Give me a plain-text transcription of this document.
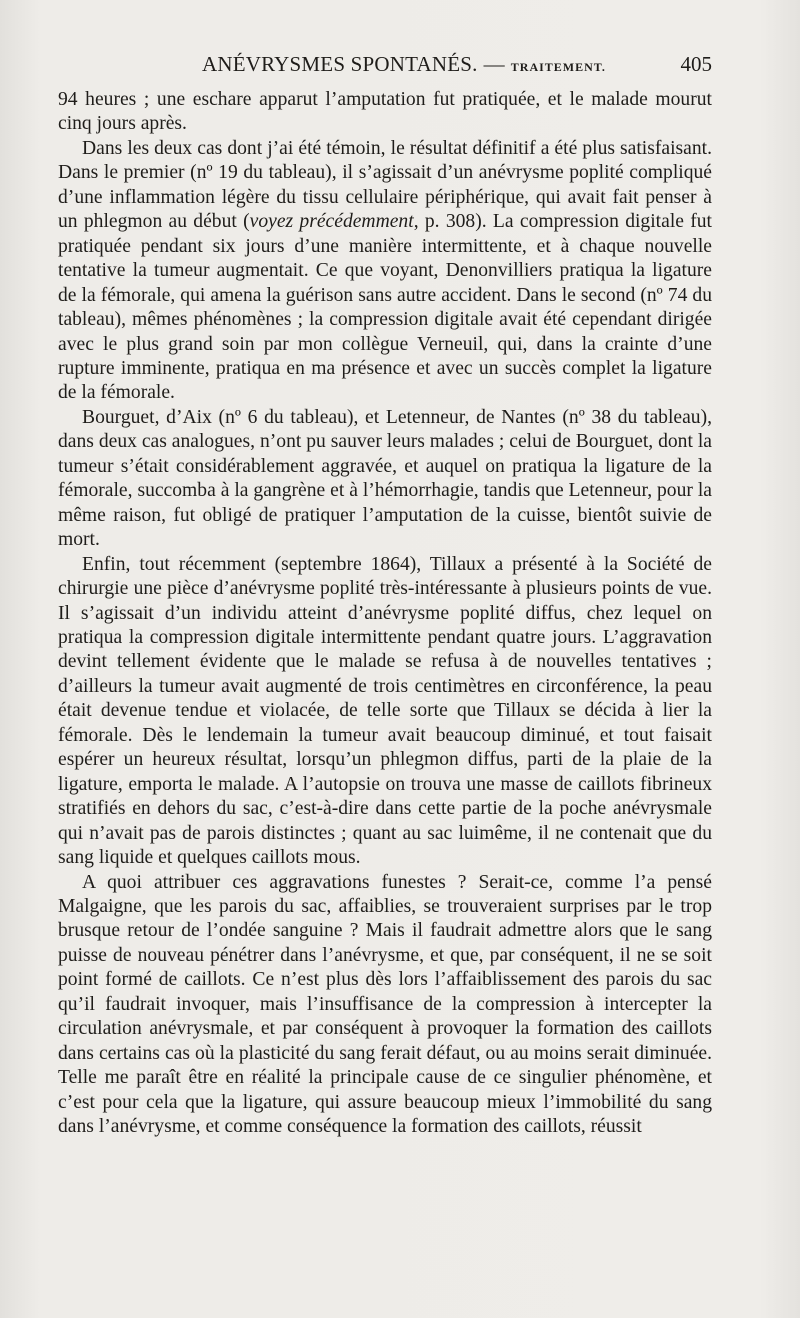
ANÉVRYSMES SPONTANÉS. — TRAITEMENT.	405

94 heures ; une eschare apparut l’amputation fut pratiquée, et le malade mourut cinq jours après.

Dans les deux cas dont j’ai été témoin, le résultat définitif a été plus satisfaisant. Dans le premier (nº 19 du tableau), il s’agissait d’un anévrysme poplité compliqué d’une inflammation légère du tissu cellulaire périphérique, qui avait fait penser à un phlegmon au début (voyez précédemment, p. 308). La compression digitale fut pratiquée pendant six jours d’une manière intermittente, et à chaque nouvelle tentative la tumeur augmentait. Ce que voyant, Denonvilliers pratiqua la ligature de la fémorale, qui amena la guérison sans autre accident. Dans le second (nº 74 du tableau), mêmes phénomènes ; la compression digitale avait été cependant dirigée avec le plus grand soin par mon collègue Verneuil, qui, dans la crainte d’une rupture imminente, pratiqua en ma présence et avec un succès complet la ligature de la fémorale.

Bourguet, d’Aix (nº 6 du tableau), et Letenneur, de Nantes (nº 38 du tableau), dans deux cas analogues, n’ont pu sauver leurs malades ; celui de Bourguet, dont la tumeur s’était considérablement aggravée, et auquel on pratiqua la ligature de la fémorale, succomba à la gangrène et à l’hémorrhagie, tandis que Letenneur, pour la même raison, fut obligé de pratiquer l’amputation de la cuisse, bientôt suivie de mort.

Enfin, tout récemment (septembre 1864), Tillaux a présenté à la Société de chirurgie une pièce d’anévrysme poplité très-intéressante à plusieurs points de vue. Il s’agissait d’un individu atteint d’anévrysme poplité diffus, chez lequel on pratiqua la compression digitale intermittente pendant quatre jours. L’aggravation devint tellement évidente que le malade se refusa à de nouvelles tentatives ; d’ailleurs la tumeur avait augmenté de trois centimètres en circonférence, la peau était devenue tendue et violacée, de telle sorte que Tillaux se décida à lier la fémorale. Dès le lendemain la tumeur avait beaucoup diminué, et tout faisait espérer un heureux résultat, lorsqu’un phlegmon diffus, parti de la plaie de la ligature, emporta le malade. A l’autopsie on trouva une masse de caillots fibrineux stratifiés en dehors du sac, c’est-à-dire dans cette partie de la poche anévrysmale qui n’avait pas de parois distinctes ; quant au sac luimême, il ne contenait que du sang liquide et quelques caillots mous.

A quoi attribuer ces aggravations funestes ? Serait-ce, comme l’a pensé Malgaigne, que les parois du sac, affaiblies, se trouveraient surprises par le trop brusque retour de l’ondée sanguine ? Mais il faudrait admettre alors que le sang puisse de nouveau pénétrer dans l’anévrysme, et que, par conséquent, il ne se soit point formé de caillots. Ce n’est plus dès lors l’affaiblissement des parois du sac qu’il faudrait invoquer, mais l’insuffisance de la compression à intercepter la circulation anévrysmale, et par conséquent à provoquer la formation des caillots dans certains cas où la plasticité du sang ferait défaut, ou au moins serait diminuée. Telle me paraît être en réalité la principale cause de ce singulier phénomène, et c’est pour cela que la ligature, qui assure beaucoup mieux l’immobilité du sang dans l’anévrysme, et comme conséquence la formation des caillots, réussit
